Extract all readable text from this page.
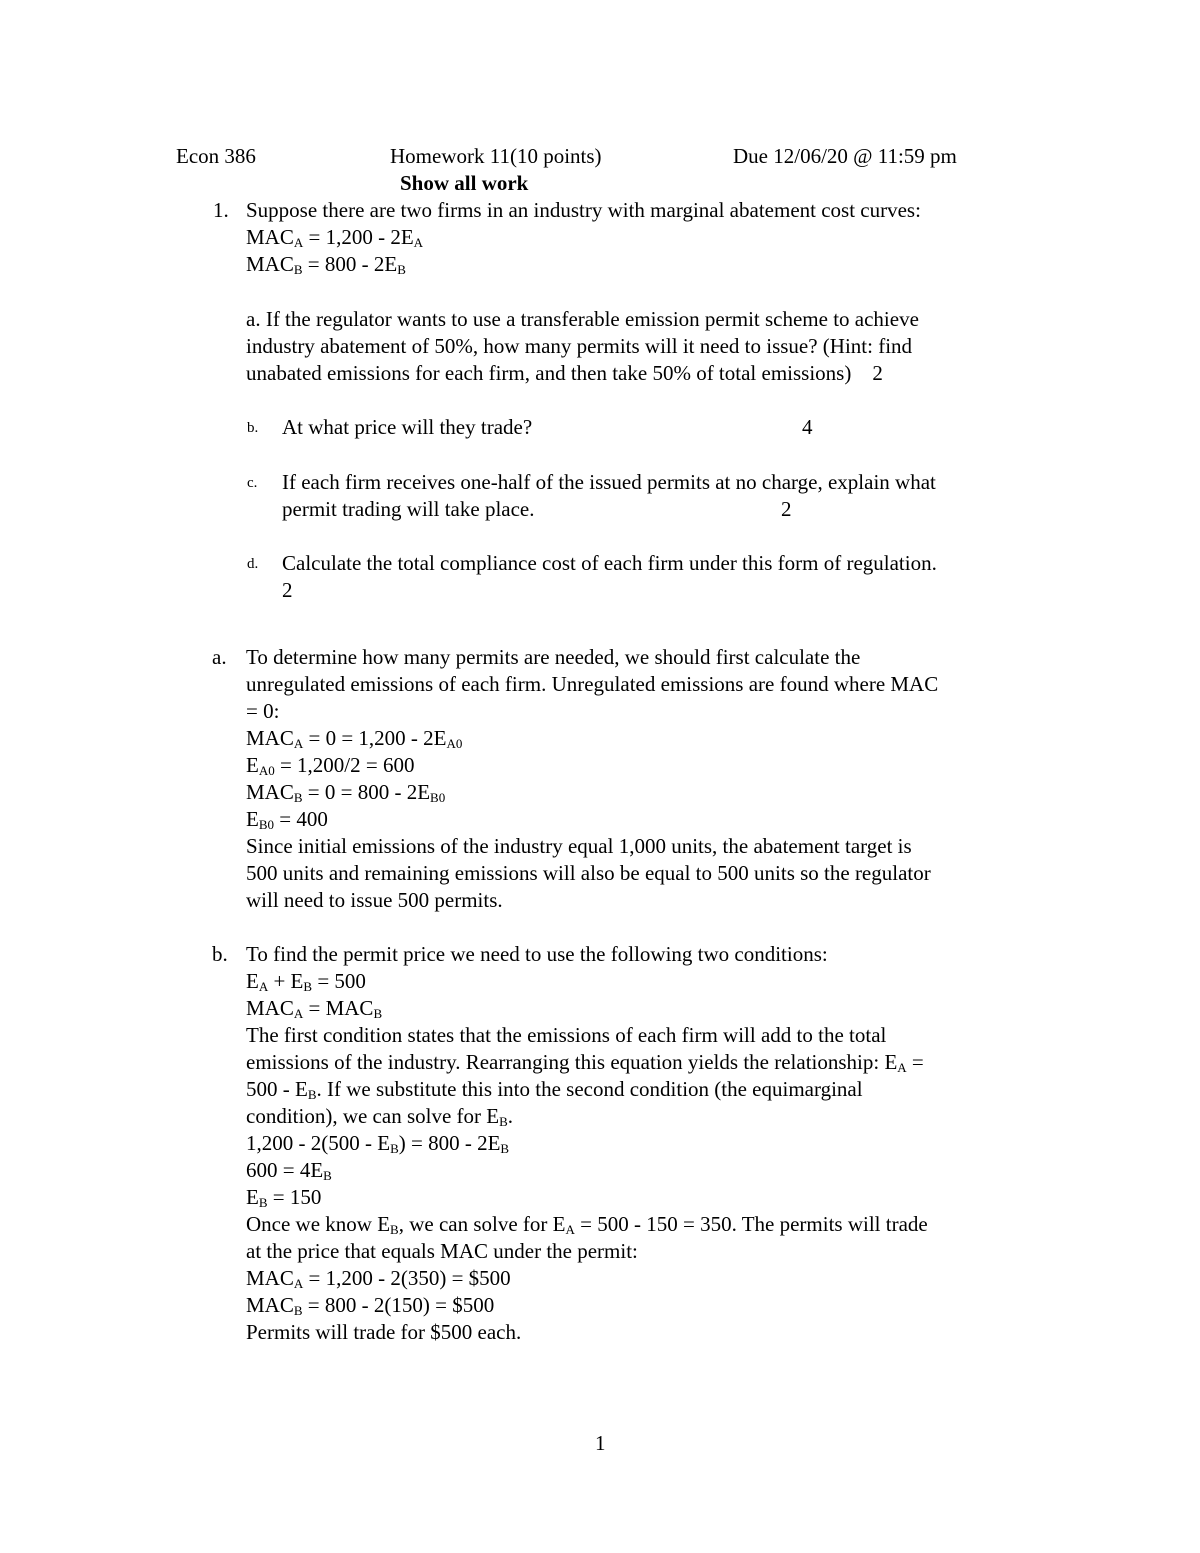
Econ 386	Homework 11(10 points)	Due 12/06/20 @ 11:59 pm
Show all work
1. Suppose there are two firms in an industry with marginal abatement cost curves:
$MAC_A = 1,200 - 2E_A$
$MAC_B = 800 - 2E_B$
a. If the regulator wants to use a transferable emission permit scheme to achieve
industry abatement of 50%, how many permits will it need to issue? (Hint: find
unabated emissions for each firm, and then take 50% of total emissions)    2
b. At what price will they trade?	4
c. If each firm receives one-half of the issued permits at no charge, explain what
permit trading will take place.	2
d. Calculate the total compliance cost of each firm under this form of regulation.
2
a. To determine how many permits are needed, we should first calculate the
unregulated emissions of each firm. Unregulated emissions are found where MAC
= 0:
$MAC_A = 0 = 1,200 - 2E_{A0}$
$E_{A0} = 1,200/2 = 600$
$MAC_B = 0 = 800 - 2E_{B0}$
$E_{B0} = 400$
Since initial emissions of the industry equal 1,000 units, the abatement target is
500 units and remaining emissions will also be equal to 500 units so the regulator
will need to issue 500 permits.
b. To find the permit price we need to use the following two conditions:
$E_A + E_B = 500$
$MAC_A = MAC_B$
The first condition states that the emissions of each firm will add to the total
emissions of the industry. Rearranging this equation yields the relationship: $E_A$ =
$500 - E_B$. If we substitute this into the second condition (the equimarginal
condition), we can solve for $E_B$.
$1,200 - 2(500 - E_B) = 800 - 2E_B$
$600 = 4E_B$
$E_B = 150$
Once we know $E_B$, we can solve for $E_A = 500 - 150 = 350$. The permits will trade
at the price that equals MAC under the permit:
$MAC_A = 1,200 - 2(350)$ = $500
$MAC_B = 800 - 2(150)$ = $500
Permits will trade for $500 each.
1
